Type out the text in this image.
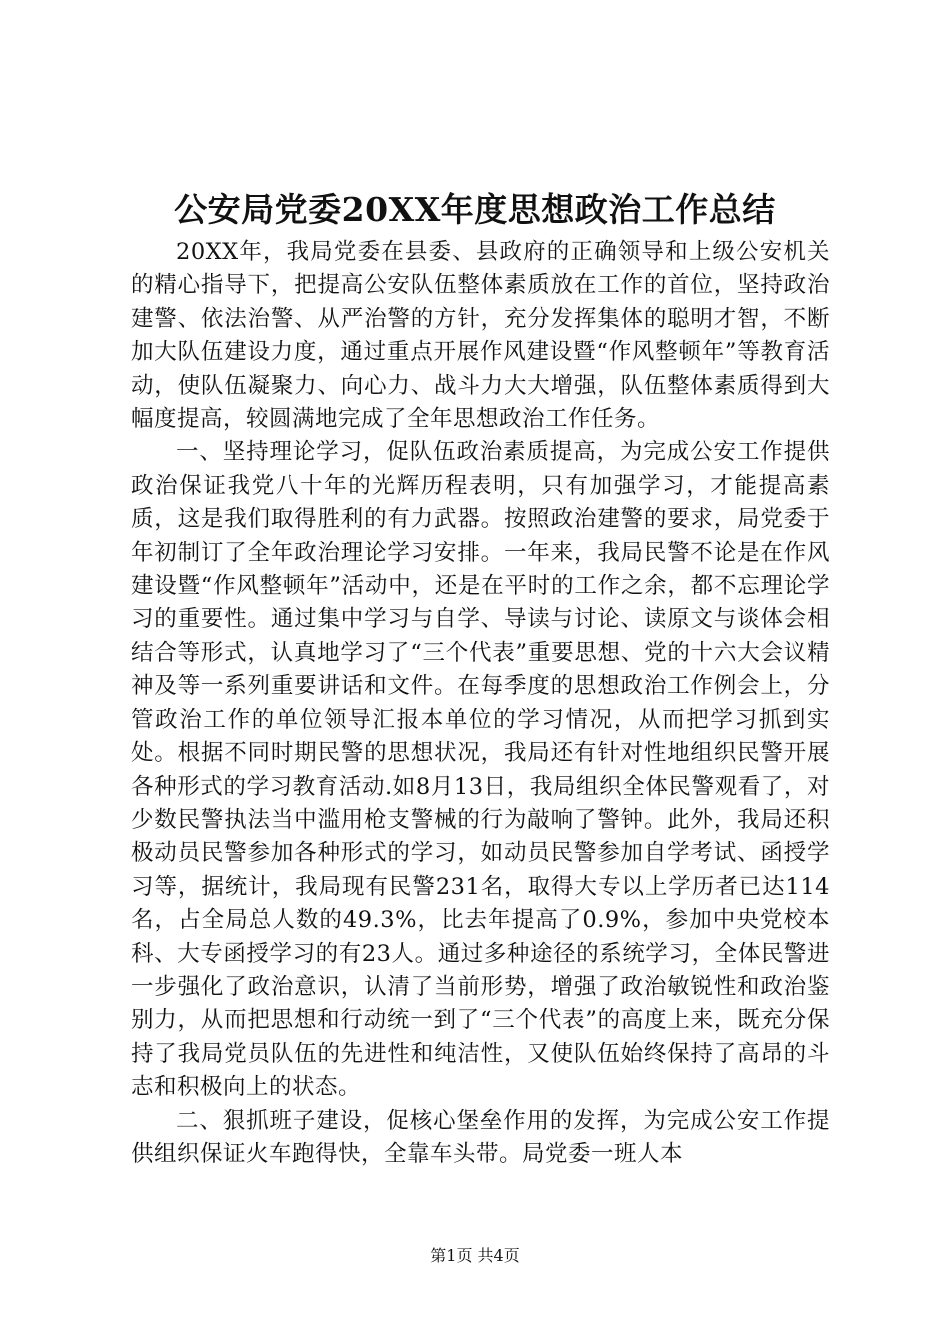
公安局党委20XX年度思想政治工作总结

20XX年，我局党委在县委、县政府的正确领导和上级公安机关的精心指导下，把提高公安队伍整体素质放在工作的首位，坚持政治建警、依法治警、从严治警的方针，充分发挥集体的聪明才智，不断加大队伍建设力度，通过重点开展作风建设暨“作风整顿年”等教育活动，使队伍凝聚力、向心力、战斗力大大增强，队伍整体素质得到大幅度提高，较圆满地完成了全年思想政治工作任务。

一、坚持理论学习，促队伍政治素质提高，为完成公安工作提供政治保证我党八十年的光辉历程表明，只有加强学习，才能提高素质，这是我们取得胜利的有力武器。按照政治建警的要求，局党委于年初制订了全年政治理论学习安排。一年来，我局民警不论是在作风建设暨“作风整顿年”活动中，还是在平时的工作之余，都不忘理论学习的重要性。通过集中学习与自学、导读与讨论、读原文与谈体会相结合等形式，认真地学习了“三个代表”重要思想、党的十六大会议精神及等一系列重要讲话和文件。在每季度的思想政治工作例会上，分管政治工作的单位领导汇报本单位的学习情况，从而把学习抓到实处。根据不同时期民警的思想状况，我局还有针对性地组织民警开展各种形式的学习教育活动.如8月13日，我局组织全体民警观看了，对少数民警执法当中滥用枪支警械的行为敲响了警钟。此外，我局还积极动员民警参加各种形式的学习，如动员民警参加自学考试、函授学习等，据统计，我局现有民警231名，取得大专以上学历者已达114名，占全局总人数的49.3%，比去年提高了0.9%，参加中央党校本科、大专函授学习的有23人。通过多种途径的系统学习，全体民警进一步强化了政治意识，认清了当前形势，增强了政治敏锐性和政治鉴别力，从而把思想和行动统一到了“三个代表”的高度上来，既充分保持了我局党员队伍的先进性和纯洁性，又使队伍始终保持了高昂的斗志和积极向上的状态。

二、狠抓班子建设，促核心堡垒作用的发挥，为完成公安工作提供组织保证火车跑得快，全靠车头带。局党委一班人本

第1页 共4页
